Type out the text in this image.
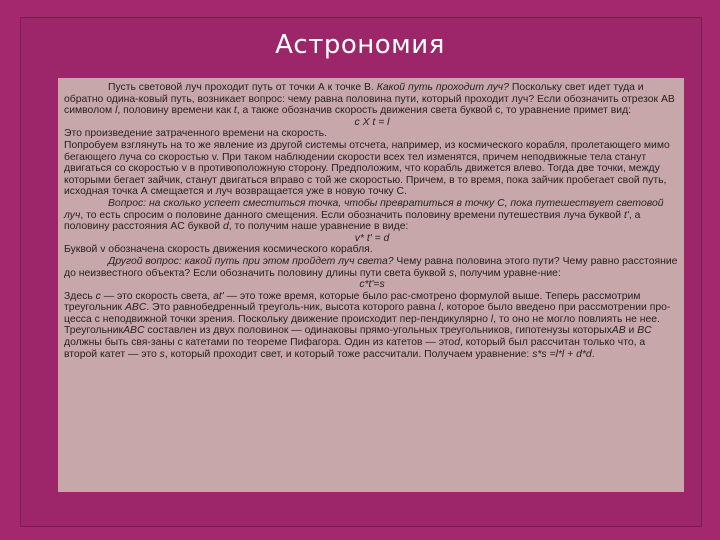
Астрономия

Пусть световой луч проходит путь от точки А к точке В. Какой путь проходит луч? Поскольку свет идет туда и обратно одина-ковый путь, возникает вопрос: чему равна половина пути, который проходит луч? Если обозначить отрезок AB символом l, половину времени как t, а также обозначив скорость движения света буквой с, то уравнение примет вид:

с X t = l

Это произведение затраченного времени на скорость.

Попробуем взглянуть на то же явление из другой системы отсчета, например, из космического корабля, пролетающего мимо бегающего луча со скоростью v. При таком наблюдении скорости всех тел изменятся, причем неподвижные тела станут двигаться со скоростью v в противоположную сторону. Предположим, что корабль движется влево. Тогда две точки, между которыми бегает зайчик, станут двигаться вправо с той же скоростью. Причем, в то время, пока зайчик пробегает свой путь, исходная точка А смещается и луч возвращается уже в новую точку С.

Вопрос: на сколько успеет сместиться точка, чтобы превратиться в точку С, пока путешествует световой луч, то есть спросим о половине данного смещения. Если обозначить половину времени путешествия луча буквой t', а половину расстояния AC буквой d, то получим наше уравнение в виде:

v* t' = d

Буквой v обозначена скорость движения космического корабля.

Другой вопрос: какой путь при этом пройдет луч света? Чему равна половина этого пути? Чему равно расстояние до неизвестного объекта? Если обозначить половину длины пути света буквой s, получим уравне-ние:

c*t'=s

Здесь c — это скорость света, at' — это тоже время, которые было рас-смотрено формулой выше. Теперь рассмотрим треугольник ABC. Это равнобедренный треуголь-ник, высота которого равна l, которое было введено при рассмотрении про-цесса с неподвижной точки зрения. Поскольку движение происходит пер-пендикулярно l, то оно не могло повлиять не нее. ТреугольникABC составлен из двух половинок — одинаковы прямо-угольных треугольников, гипотенузы которыхAB и BC должны быть свя-заны с катетами по теореме Пифагора. Один из катетов — этоd, который был рассчитан только что, а второй катет — это s, который проходит свет, и который тоже рассчитали. Получаем уравнение: s*s =l*l + d*d.
